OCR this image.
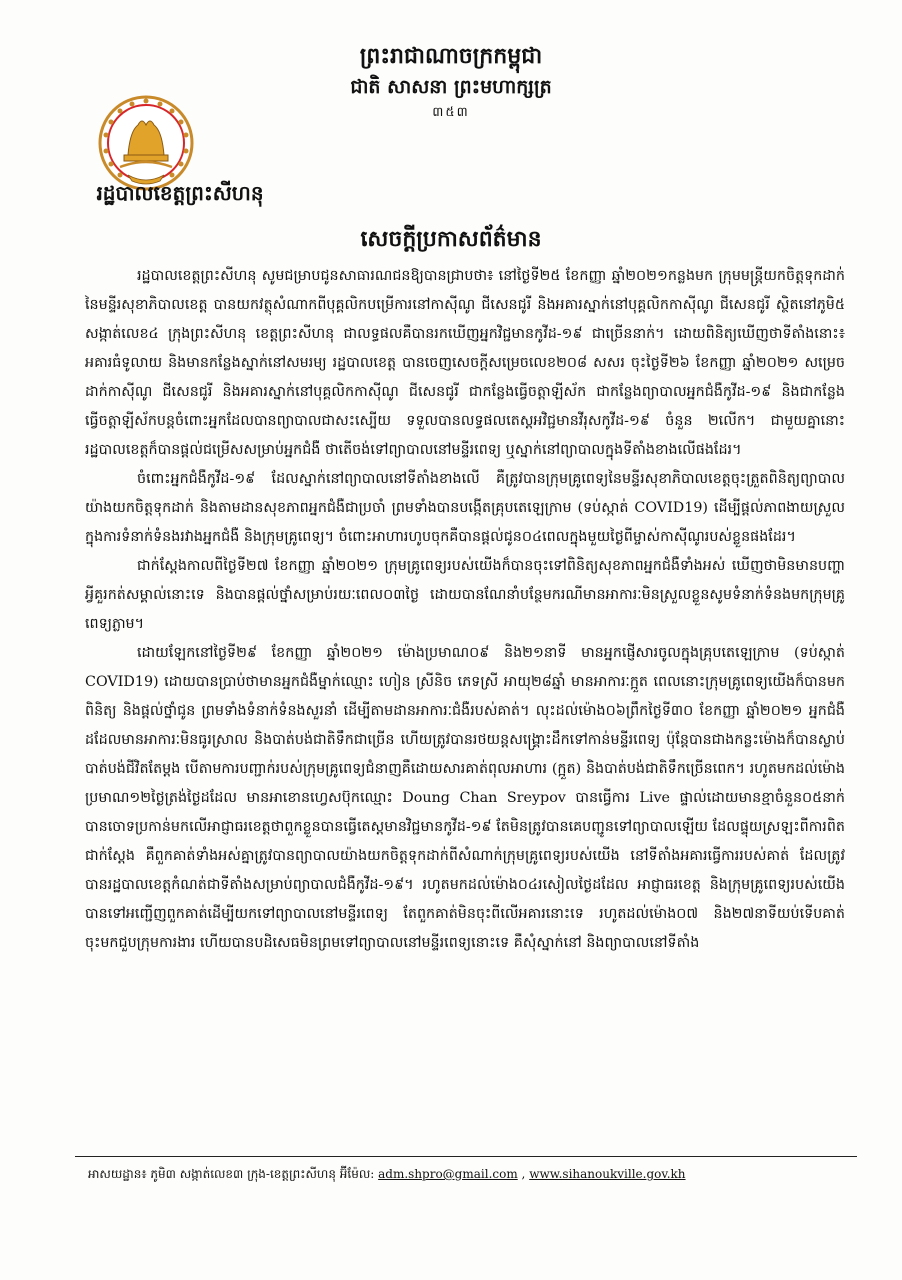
ព្រះរាជាណាចក្រកម្ពុជា
ជាតិ សាសនា ព្រះមហាក្សត្រ
៣៥៣
រដ្ឋបាលខេត្តព្រះសីហនុ
សេចក្តីប្រកាសព័ត៌មាន

រដ្ឋបាលខេត្តព្រះសីហនុ សូមជម្រាបជូនសាធារណជនឱ្យបានជ្រាបថា៖ នៅថ្ងៃទី២៥ ខែកញ្ញា ឆ្នាំ២០២១កន្លងមក ក្រុមមន្ត្រីយកចិត្តទុកដាក់ នៃមន្ទីរសុខាភិបាលខេត្ត បានយកវត្ថុសំណាកពីបុគ្គលិកបម្រើការនៅកាស៊ីណូ ជីសេនជូរី និងអគារស្នាក់នៅបុគ្គលិកកាស៊ីណូ ជីសេនជូរី ស្ថិតនៅភូមិ៥ សង្កាត់លេខ៤ ក្រុងព្រះសីហនុ ខេត្តព្រះសីហនុ ជាលទ្ធផលគឺបានរកឃើញអ្នកវិជ្ជមានកូវីដ-១៩ ជាច្រើននាក់។ ដោយពិនិត្យឃើញថាទីតាំងនោះ៖ អគារធំទូលាយ និងមានកន្លែងស្នាក់នៅសមរម្យ រដ្ឋបាលខេត្ត បានចេញសេចក្តីសម្រេចលេខ២០៨ សសរ ចុះថ្ងៃទី២៦ ខែកញ្ញា ឆ្នាំ២០២១ សម្រេចដាក់កាស៊ីណូ ជីសេនជូរី និងអគារស្នាក់នៅបុគ្គលិកកាស៊ីណូ ជីសេនជូរី ជាកន្លែងធ្វើចត្តាឡីស័ក ជាកន្លែងព្យាបាលអ្នកជំងឺកូវីដ-១៩ និងជាកន្លែងធ្វើចត្តាឡីស័កបន្តចំពោះអ្នកដែលបានព្យាបាលជាសះស្បើយ ទទួលបានលទ្ធផលតេស្តអវិជ្ជមានវីរុសកូវីដ-១៩ ចំនួន ២លើក។ ជាមួយគ្នានោះ រដ្ឋបាលខេត្តក៏បានផ្តល់ជម្រើសសម្រាប់អ្នកជំងឺ ថាតើចង់ទៅព្យាបាលនៅមន្ទីរពេទ្យ ឬស្នាក់នៅព្យាបាលក្នុងទីតាំងខាងលើផងដែរ។

ចំពោះអ្នកជំងឺកូវីដ-១៩ ដែលស្នាក់នៅព្យាបាលនៅទីតាំងខាងលើ គឺត្រូវបានក្រុមគ្រូពេទ្យនៃមន្ទីរសុខាភិបាលខេត្តចុះត្រួតពិនិត្យព្យាបាលយ៉ាងយកចិត្តទុកដាក់ និងតាមដានសុខភាពអ្នកជំងឺជាប្រចាំ ព្រមទាំងបានបង្កើតគ្រុបតេឡេក្រាម (ទប់ស្កាត់ COVID19) ដើម្បីផ្តល់ភាពងាយស្រួលក្នុងការទំនាក់ទំនងរវាងអ្នកជំងឺ និងក្រុមគ្រូពេទ្យ។ ចំពោះអាហារហូបចុកគឺបានផ្តល់ជូន០៤ពេលក្នុងមួយថ្ងៃពីម្ចាស់កាស៊ីណូរបស់ខ្លួនផងដែរ។

ជាក់ស្តែងកាលពីថ្ងៃទី២៧ ខែកញ្ញា ឆ្នាំ២០២១ ក្រុមគ្រូពេទ្យរបស់យើងក៏បានចុះទៅពិនិត្យសុខភាពអ្នកជំងឺទាំងអស់ ឃើញថាមិនមានបញ្ហាអ្វីគួរកត់សម្គាល់នោះទេ និងបានផ្តល់ថ្នាំសម្រាប់រយៈពេល០៣ថ្ងៃ ដោយបានណែនាំបន្ថែមករណីមានអាការៈមិនស្រួលខ្លួនសូមទំនាក់ទំនងមកក្រុមគ្រូពេទ្យភ្លាម។

ដោយឡែកនៅថ្ងៃទី២៩ ខែកញ្ញា ឆ្នាំ២០២១ ម៉ោងប្រមាណ០៩ និង២១នាទី មានអ្នកផ្ញើសារចូលក្នុងគ្រុបតេឡេក្រាម (ទប់ស្កាត់ COVID19) ដោយបានប្រាប់ថាមានអ្នកជំងឺម្នាក់ឈ្មោះ ហៀន ស្រីនិច ភេទស្រី អាយុ២៨ឆ្នាំ មានអាការៈក្អួត ពេលនោះក្រុមគ្រូពេទ្យយើងក៏បានមកពិនិត្យ និងផ្តល់ថ្នាំជូន ព្រមទាំងទំនាក់ទំនងសួរនាំ ដើម្បីតាមដានអាការៈជំងឺរបស់គាត់។ លុះដល់ម៉ោង០៦ព្រឹកថ្ងៃទី៣០ ខែកញ្ញា ឆ្នាំ២០២១ អ្នកជំងឺដដែលមានអាការៈមិនធូរស្រាល និងបាត់បង់ជាតិទឹកជាច្រើន ហើយត្រូវបានរថយន្តសង្គ្រោះដឹកទៅកាន់មន្ទីរពេទ្យ ប៉ុន្តែបានជាងកន្លះម៉ោងក៏បានស្លាប់បាត់បង់ជីវិតតែម្តង បើតាមការបញ្ជាក់របស់ក្រុមគ្រូពេទ្យជំនាញគឺដោយសារគាត់ពុលអាហារ (ក្អួត) និងបាត់បង់ជាតិទឹកច្រើនពេក។ រហូតមកដល់ម៉ោងប្រមាណ១២ថ្ងៃត្រង់ថ្ងៃដដែល មានអាខោនហ្វេសប៊ុកឈ្មោះ Doung Chan Sreypov បានធ្វើការ Live ផ្ទាល់ដោយមានខ្មាចំនួន០៥នាក់ បានចោទប្រកាន់មកលើអាជ្ញាធរខេត្តថាពួកខ្លួនបានធ្វើតេស្តមានវិជ្ជមានកូវីដ-១៩ តែមិនត្រូវបានគេបញ្ជូនទៅព្យាបាលឡើយ ដែលផ្ទុយស្រឡះពីការពិតជាក់ស្តែង គឺពួកគាត់ទាំងអស់គ្នាត្រូវបានព្យាបាលយ៉ាងយកចិត្តទុកដាក់ពីសំណាក់ក្រុមគ្រូពេទ្យរបស់យើង នៅទីតាំងអគារធ្វើការរបស់គាត់ ដែលត្រូវបានរដ្ឋបាលខេត្តកំណត់ជាទីតាំងសម្រាប់ព្យាបាលជំងឺកូវីដ-១៩។ រហូតមកដល់ម៉ោង០៤រសៀលថ្ងៃដដែល អាជ្ញាធរខេត្ត និងក្រុមគ្រូពេទ្យរបស់យើង បានទៅអញ្ជើញពួកគាត់ដើម្បីយកទៅព្យាបាលនៅមន្ទីរពេទ្យ តែពួកគាត់មិនចុះពីលើអគារនោះទេ រហូតដល់ម៉ោង០៧ និង២៧នាទីយប់ទើបគាត់ចុះមកជួបក្រុមការងារ ហើយបានបដិសេធមិនព្រមទៅព្យាបាលនៅមន្ទីរពេទ្យនោះទេ គឺសុំស្នាក់នៅ និងព្យាបាលនៅទីតាំង

អាសយដ្ឋាន៖ ភូមិ៣ សង្កាត់លេខ៣ ក្រុង-ខេត្តព្រះសីហនុ អ៊ីម៉ែល: adm.shpro@gmail.com , www.sihanoukville.gov.kh
